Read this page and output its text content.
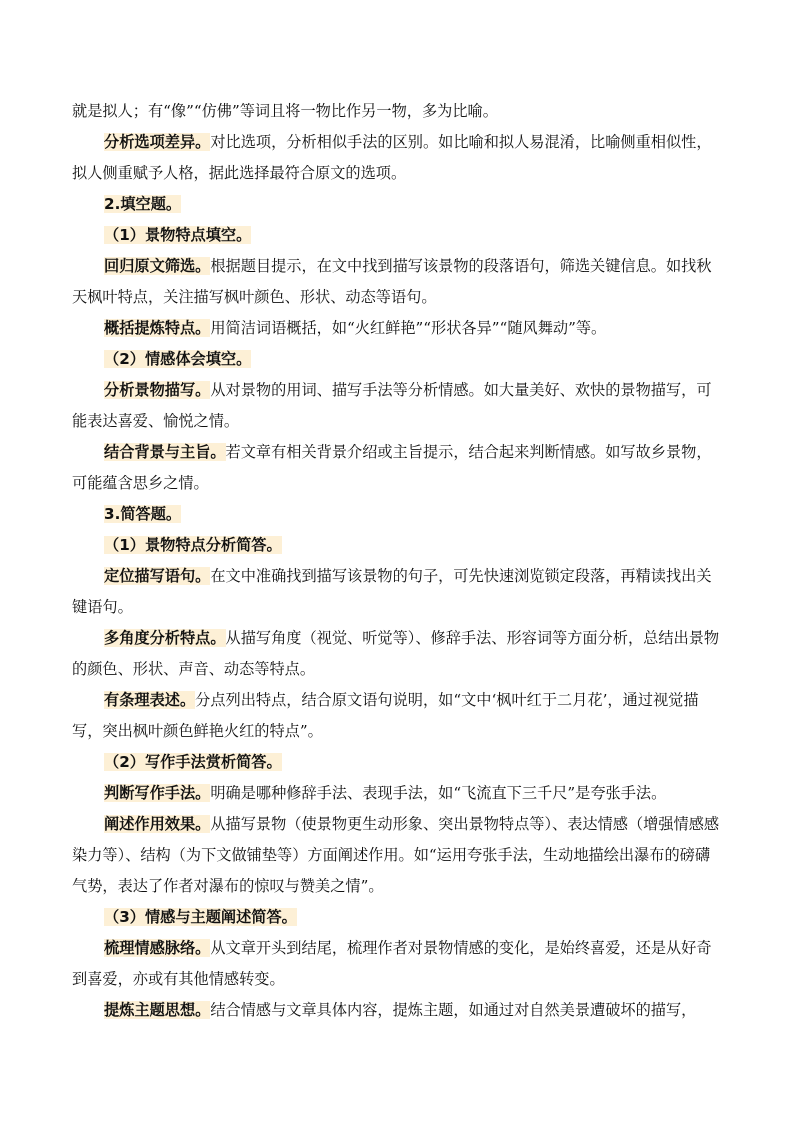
就是拟人；有“像”“仿佛”等词且将一物比作另一物，多为比喻。

分析选项差异。对比选项，分析相似手法的区别。如比喻和拟人易混淆，比喻侧重相似性，拟人侧重赋予人格，据此选择最符合原文的选项。

2.填空题。

（1）景物特点填空。

回归原文筛选。根据题目提示，在文中找到描写该景物的段落语句，筛选关键信息。如找秋天枫叶特点，关注描写枫叶颜色、形状、动态等语句。

概括提炼特点。用简洁词语概括，如“火红鲜艳”“形状各异”“随风舞动”等。

（2）情感体会填空。

分析景物描写。从对景物的用词、描写手法等分析情感。如大量美好、欢快的景物描写，可能表达喜爱、愉悦之情。

结合背景与主旨。若文章有相关背景介绍或主旨提示，结合起来判断情感。如写故乡景物，可能蕴含思乡之情。

3.简答题。

（1）景物特点分析简答。

定位描写语句。在文中准确找到描写该景物的句子，可先快速浏览锁定段落，再精读找出关键语句。

多角度分析特点。从描写角度（视觉、听觉等）、修辞手法、形容词等方面分析，总结出景物的颜色、形状、声音、动态等特点。

有条理表述。分点列出特点，结合原文语句说明，如“文中‘枫叶红于二月花’，通过视觉描写，突出枫叶颜色鲜艳火红的特点”。

（2）写作手法赏析简答。

判断写作手法。明确是哪种修辞手法、表现手法，如“飞流直下三千尺”是夸张手法。

阐述作用效果。从描写景物（使景物更生动形象、突出景物特点等）、表达情感（增强情感感染力等）、结构（为下文做铺垫等）方面阐述作用。如“运用夸张手法，生动地描绘出瀑布的磅礴气势，表达了作者对瀑布的惊叹与赞美之情”。

（3）情感与主题阐述简答。

梳理情感脉络。从文章开头到结尾，梳理作者对景物情感的变化，是始终喜爱，还是从好奇到喜爱，亦或有其他情感转变。

提炼主题思想。结合情感与文章具体内容，提炼主题，如通过对自然美景遭破坏的描写，
